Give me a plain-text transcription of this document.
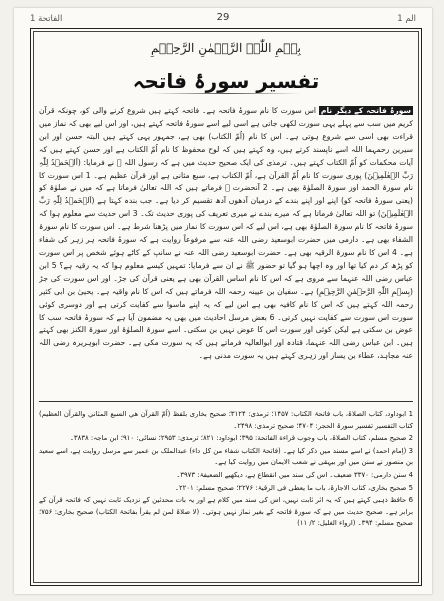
الفاتحة 1	29	الم 1
بِسۡمِ اللّٰہِ الرَّحۡمٰنِ الرَّحِیۡمِ
تفسیر سورۂ فاتحہ
سورۂ فاتحہ کے دیگر نام اس سورت کا نام سورۂ فاتحہ ہے۔ فاتحہ کہتے ہیں شروع کرنے والی کو، چونکہ قرآن کریم میں سب سے پہلے یہی سورت لکھی جاتی ہے اسی لیے اسے سورۂ فاتحہ کہتے ہیں، اور اس لیے بھی کہ نماز میں قراءت بھی اسی سے شروع ہوتی ہے۔ اس کا نام (اُمّ الکتاب) بھی ہے، جمہور یہی کہتے ہیں البتہ حسن اور ابن سیرین رحمہما اللہ اسے ناپسند کرتے ہیں، وہ کہتے ہیں کہ لوح محفوظ کا نام اُمّ الکتاب ہے اور حسن کہتے ہیں کہ آیات محکمات کو اُمّ الکتاب کہتے ہیں۔ ترمذی کی ایک صحیح حدیث میں ہے کہ رسول اللہ ﷺ نے فرمایا: (اَلۡحَمۡدُ لِلّٰہِ رَبِّ الۡعٰلَمِیۡنَ) پوری سورت کا نام اُمّ القرآن ہے، اُمّ الکتاب ہے، سبع مثانی ہے اور قرآن عظیم ہے۔ 1 اس سورت کا نام سورۃ الحمد اور سورۃ الصلوٰۃ بھی ہے۔ 2 آنحضرت ﷺ فرماتے ہیں کہ اللہ تعالیٰ فرماتا ہے کہ میں نے صلوٰۃ کو (یعنی سورۂ فاتحہ کو) اپنے اور اپنے بندے کے درمیان آدھوں آدھ تقسیم کر دیا ہے۔ جب بندہ کہتا ہے (اَلۡحَمۡدُ لِلّٰہِ رَبِّ الۡعٰلَمِیۡنَ) تو اللہ تعالیٰ فرماتا ہے کہ میرے بندے نے میری تعریف کی پوری حدیث تک۔ 3 اس حدیث سے معلوم ہوا کہ سورۂ فاتحہ کا نام سورۃ الصلوٰۃ بھی ہے، اس لیے کہ اس سورت کا نماز میں پڑھنا شرط ہے۔ اس سورت کا نام سورۃ الشفاء بھی ہے۔ دارمی میں حضرت ابوسعید رضی اللہ عنہ سے مرفوعاً روایت ہے کہ سورۂ فاتحہ ہر زہر کی شفاء ہے۔ 4 اس کا نام سورۃ الرقیہ بھی ہے۔ حضرت ابوسعید رضی اللہ عنہ نے سانپ کے کاٹے ہوئے شخص پر اس سورت کو پڑھ کر دم کیا تھا اور وہ اچھا ہو گیا تو حضور ﷺ نے ان سے فرمایا: تمہیں کیسے معلوم ہوا کہ یہ رقیہ ہے؟ 5 ابن عباس رضی اللہ عنہما سے مروی ہے کہ اس کا نام اساس القرآن بھی ہے یعنی قرآن کی جڑ۔ اور اس سورت کی جڑ (بِسۡمِ اللّٰہِ الرَّحۡمٰنِ الرَّحِیۡمِ) ہے۔ سفیان بن عیینہ رحمہ اللہ فرماتے ہیں کہ اس کا نام واقیہ ہے۔ یحییٰ بن ابی کثیر رحمہ اللہ کہتے ہیں کہ اس کا نام کافیہ بھی ہے اس لیے کہ یہ اپنے ماسوا سے کفایت کرتی ہے اور دوسری کوئی سورت اس سورت سے کفایت نہیں کرتی۔ 6 بعض مرسل احادیث میں بھی یہ مضمون آیا ہے کہ سورۂ فاتحہ سب کا عوض بن سکتی ہے لیکن کوئی اور سورت اس کا عوض نہیں بن سکتی۔ اسے سورۃ الصلوٰۃ اور سورۃ الکنز بھی کہتے ہیں۔ ابن عباس رضی اللہ عنہما، قتادہ اور ابوالعالیہ فرماتے ہیں کہ یہ سورت مکی ہے۔ حضرت ابوہریرہ رضی اللہ عنہ مجاہد، عطاء بن یسار اور زہری کہتے ہیں یہ سورت مدنی ہے۔

1 ابوداود، کتاب الصلاۃ، باب فاتحۃ الکتاب: ۱۴۵۷؛ ترمذی: ۳۱۲۴؛ صحیح بخاری بلفظ (اُمّ القرآن هي السبع المثاني والقرآن العظيم) کتاب التفسیر تفسیر سورۃ الحجر: ۴۷۰۴؛ صحیح ترمذی: ۲۴۹۸۔

2 صحیح مسلم، کتاب الصلاۃ، باب وجوب قراءة الفاتحة: ۳۹۵؛ ابوداود: ۸۲۱؛ ترمذی: ۲۹۵۳؛ نسائی: ۹۱۰؛ ابن ماجہ: ۳۸۳۸۔

3 (اِمام احمد) نے اسے مسند میں ذکر کیا ہے۔ (فاتحۃ الکتاب شفاء من کل داء) عبدالملک بن عمیر سے مرسل روایت ہے، اسے سعید بن منصور نے سنن میں اور بیہقی نے شعب الایمان میں روایت کیا ہے۔

4 سنن دارمی: ۳۳۷۰ ضعیف۔ اس کی سند میں انقطاع ہے، دیکھیے الضعیفۃ: ۳۹۷۳۔

5 صحیح بخاری، کتاب الاجارۃ، باب ما یعطی فی الرقیۃ: ۲۲۷۶؛ صحیح مسلم: ۲۲۰۱۔

6 حافظ ذہبی کہتے ہیں کہ یہ اثر ثابت نہیں، اس کی سند میں کلام ہے اور یہ بات محدثین کے نزدیک ثابت نہیں کہ فاتحہ قرآن کے برابر ہے۔ صحیح حدیث میں ہے کہ سورۂ فاتحہ کے بغیر نماز نہیں ہوتی۔ (لا صلاۃ لمن لم یقرأ بفاتحۃ الکتاب) صحیح بخاری: ۷۵۶؛ صحیح مسلم: ۳۹۴۔ (ارواء الغلیل: ۲/ ۱۱)
